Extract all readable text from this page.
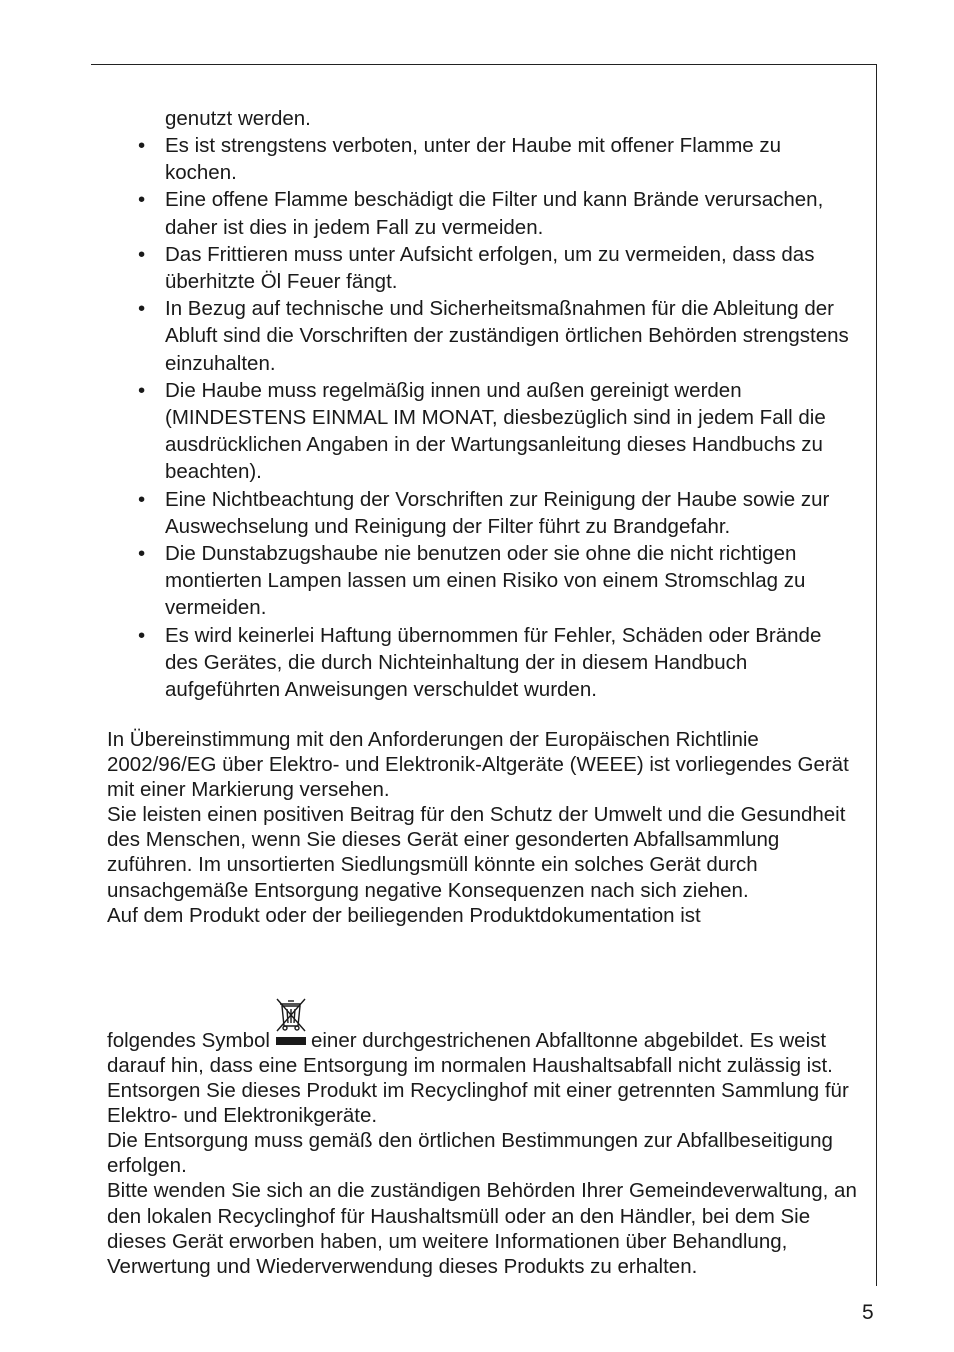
genutzt werden.
• Es ist strengstens verboten, unter der Haube mit offener Flamme zu kochen.
• Eine offene Flamme beschädigt die Filter und kann Brände verursachen, daher ist dies in jedem Fall zu vermeiden.
• Das Frittieren muss unter Aufsicht erfolgen, um zu vermeiden, dass das überhitzte Öl Feuer fängt.
• In Bezug auf technische und Sicherheitsmaßnahmen für die Ableitung der Abluft sind die Vorschriften der zuständigen örtlichen Behörden strengstens einzuhalten.
• Die Haube muss regelmäßig innen und außen gereinigt werden (MINDESTENS EINMAL IM MONAT, diesbezüglich sind in jedem Fall die ausdrücklichen Angaben in der Wartungsanleitung dieses Handbuchs zu beachten).
• Eine Nichtbeachtung der Vorschriften zur Reinigung der Haube sowie zur Auswechselung und Reinigung der Filter führt zu Brandgefahr.
• Die Dunstabzugshaube nie benutzen oder sie ohne die nicht richtigen montierten Lampen lassen um einen Risiko von einem Stromschlag zu vermeiden.
• Es wird keinerlei Haftung übernommen für Fehler, Schäden oder Brände des Gerätes, die durch Nichteinhaltung der in diesem Handbuch aufgeführten Anweisungen verschuldet wurden.

In Übereinstimmung mit den Anforderungen der Europäischen Richtlinie 2002/96/EG über Elektro- und Elektronik-Altgeräte (WEEE) ist vorliegendes Gerät mit einer Markierung versehen.

Sie leisten einen positiven Beitrag für den Schutz der Umwelt und die Gesundheit des Menschen, wenn Sie dieses Gerät einer gesonderten Abfallsammlung zuführen. Im unsortierten Siedlungsmüll könnte ein solches Gerät durch unsachgemäße Entsorgung negative Konsequenzen nach sich ziehen.

Auf dem Produkt oder der beiliegenden Produktdokumentation ist

folgendes Symbol einer durchgestrichenen Abfalltonne abgebildet. Es weist darauf hin, dass eine Entsorgung im normalen Haushaltsabfall nicht zulässig ist. Entsorgen Sie dieses Produkt im Recyclinghof mit einer getrennten Sammlung für Elektro- und Elektronikgeräte.

Die Entsorgung muss gemäß den örtlichen Bestimmungen zur Abfallbeseitigung erfolgen.

Bitte wenden Sie sich an die zuständigen Behörden Ihrer Gemeindeverwaltung, an den lokalen Recyclinghof für Haushaltsmüll oder an den Händler, bei dem Sie dieses Gerät erworben haben, um weitere Informationen über Behandlung, Verwertung und Wiederverwendung dieses Produkts zu erhalten.

5
